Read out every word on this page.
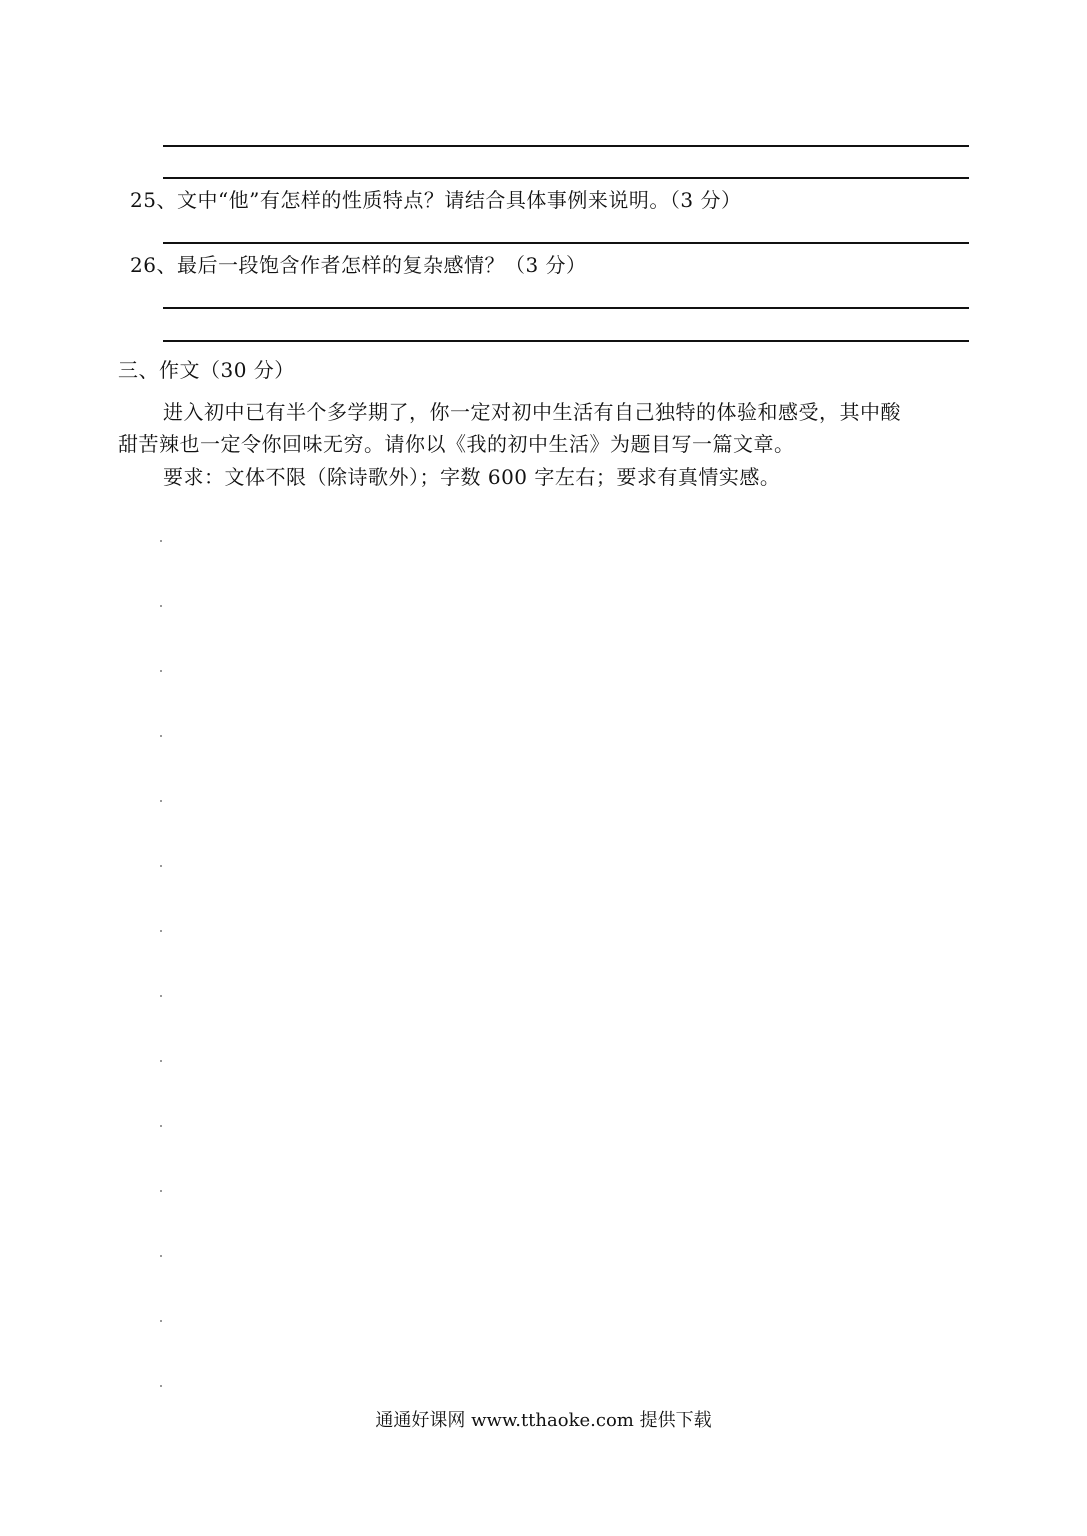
25、文中“他”有怎样的性质特点？请结合具体事例来说明。（3 分）
26、最后一段饱含作者怎样的复杂感情？（3 分）
三、作文（30 分）
进入初中已有半个多学期了，你一定对初中生活有自己独特的体验和感受，其中酸
甜苦辣也一定令你回味无穷。请你以《我的初中生活》为题目写一篇文章。
要求：文体不限（除诗歌外）；字数 600 字左右；要求有真情实感。
通通好课网 www.tthaoke.com 提供下载
